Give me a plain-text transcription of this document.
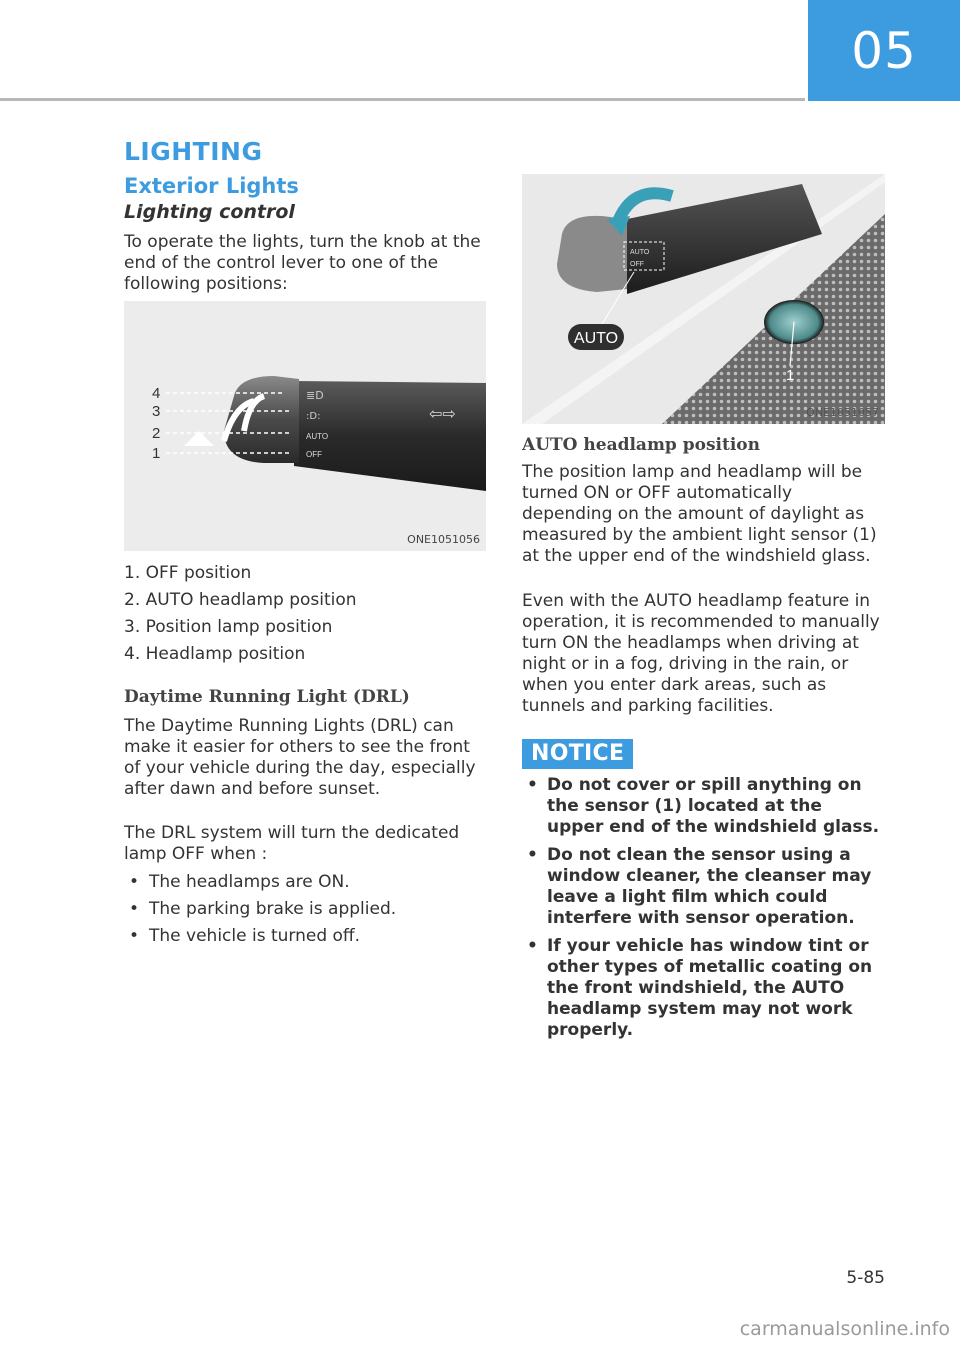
05
LIGHTING
Exterior Lights
Lighting control
To operate the lights, turn the knob at the end of the control lever to one of the following positions:
4
3
2
1
AUTO
OFF
≣D
:D:	⇦⇨
ONE1051056
1. OFF position
2. AUTO headlamp position
3. Position lamp position
4. Headlamp position
Daytime Running Light (DRL)
The Daytime Running Lights (DRL) can make it easier for others to see the front of your vehicle during the day, especially after dawn and before sunset.
The DRL system will turn the dedicated lamp OFF when :
• The headlamps are ON.
• The parking brake is applied.
• The vehicle is turned off.
AUTO
OFF
AUTO
1
ONE1051057
AUTO headlamp position
The position lamp and headlamp will be turned ON or OFF automatically depending on the amount of daylight as measured by the ambient light sensor (1) at the upper end of the windshield glass.
Even with the AUTO headlamp feature in operation, it is recommended to manually turn ON the headlamps when driving at night or in a fog, driving in the rain, or when you enter dark areas, such as tunnels and parking facilities.
NOTICE
• Do not cover or spill anything on the sensor (1) located at the upper end of the windshield glass.
• Do not clean the sensor using a window cleaner, the cleanser may leave a light film which could interfere with sensor operation.
• If your vehicle has window tint or other types of metallic coating on the front windshield, the AUTO headlamp system may not work properly.
5-85
carmanualsonline.info
